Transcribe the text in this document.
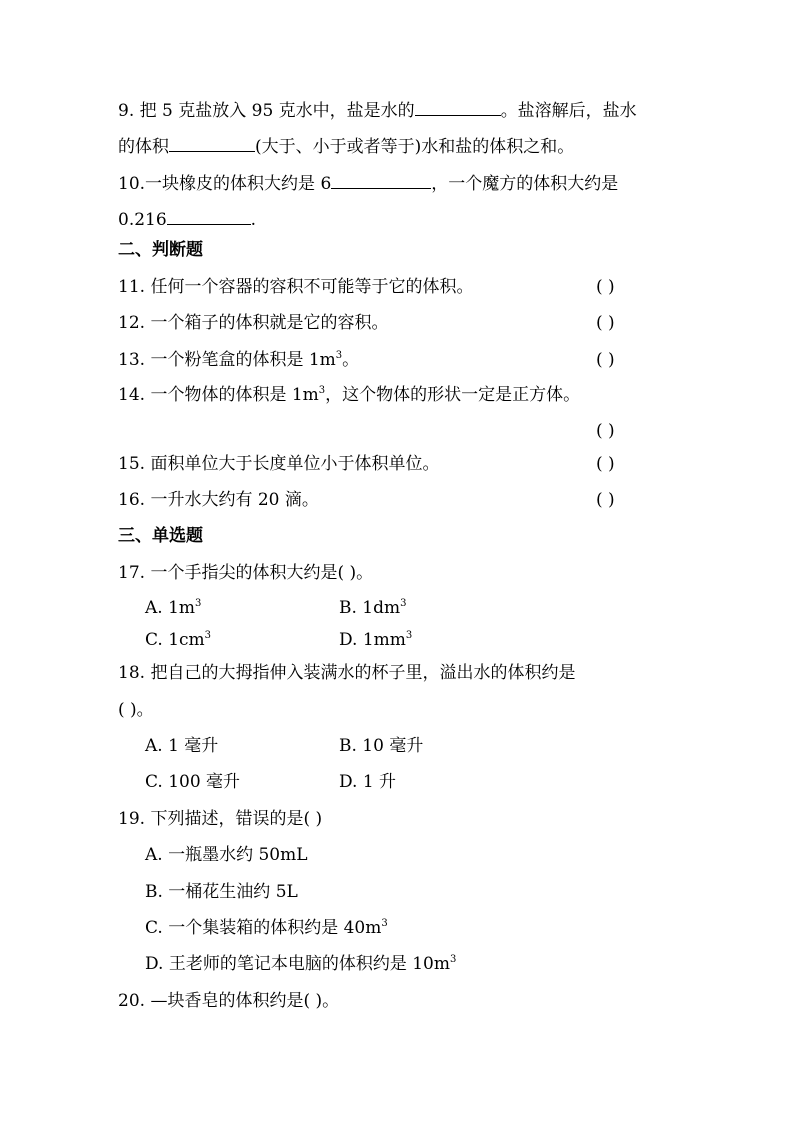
9. 把 5 克盐放入 95 克水中，盐是水的	。盐溶解后，盐水
的体积	(大于、小于或者等于)水和盐的体积之和。
10.一块橡皮的体积大约是 6	，一个魔方的体积大约是
0.216	.
二、判断题
11. 任何一个容器的容积不可能等于它的体积。	( )
12. 一个箱子的体积就是它的容积。	( )
13. 一个粉笔盒的体积是 $1m^3$。	( )
14. 一个物体的体积是 $1m^3$，这个物体的形状一定是正方体。
( )
15. 面积单位大于长度单位小于体积单位。	( )
16. 一升水大约有 20 滴。	( )
三、单选题
17. 一个手指尖的体积大约是( )。
A. $1m^3$	B. $1dm^3$
C. $1cm^3$	D. $1mm^3$
18. 把自己的大拇指伸入装满水的杯子里，溢出水的体积约是
( )。
A. 1 毫升	B. 10 毫升
C. 100 毫升	D. 1 升
19. 下列描述，错误的是( )
A. 一瓶墨水约 50mL
B. 一桶花生油约 5L
C. 一个集装箱的体积约是 $40m^3$
D. 王老师的笔记本电脑的体积约是 $10m^3$
20. —块香皂的体积约是( )。
